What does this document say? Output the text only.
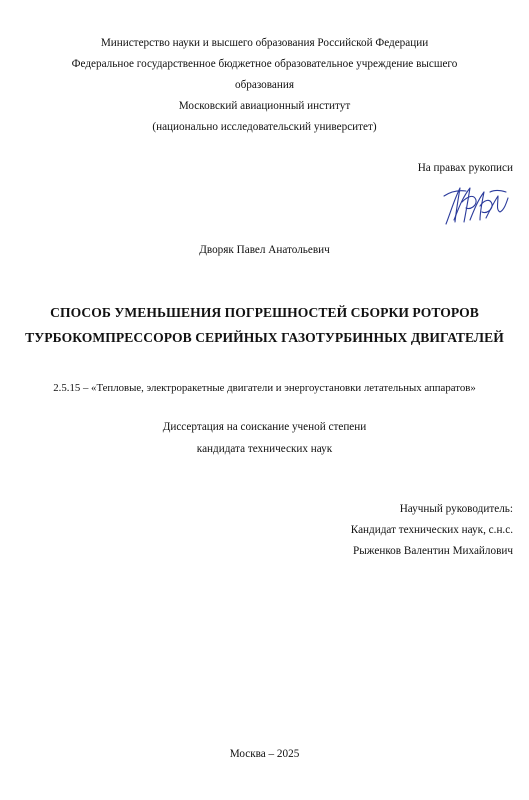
Министерство науки и высшего образования Российской Федерации
Федеральное государственное бюджетное образовательное учреждение высшего
образования
Московский авиационный институт
(национально исследовательский университет)
На правах рукописи
Дворяк Павел Анатольевич
СПОСОБ УМЕНЬШЕНИЯ ПОГРЕШНОСТЕЙ СБОРКИ РОТОРОВ
ТУРБОКОМПРЕССОРОВ СЕРИЙНЫХ ГАЗОТУРБИННЫХ ДВИГАТЕЛЕЙ
2.5.15 – «Тепловые, электроракетные двигатели и энергоустановки летательных аппаратов»
Диссертация на соискание ученой степени
кандидата технических наук
Научный руководитель:
Кандидат технических наук, с.н.с.
Рыженков Валентин Михайлович
Москва – 2025
